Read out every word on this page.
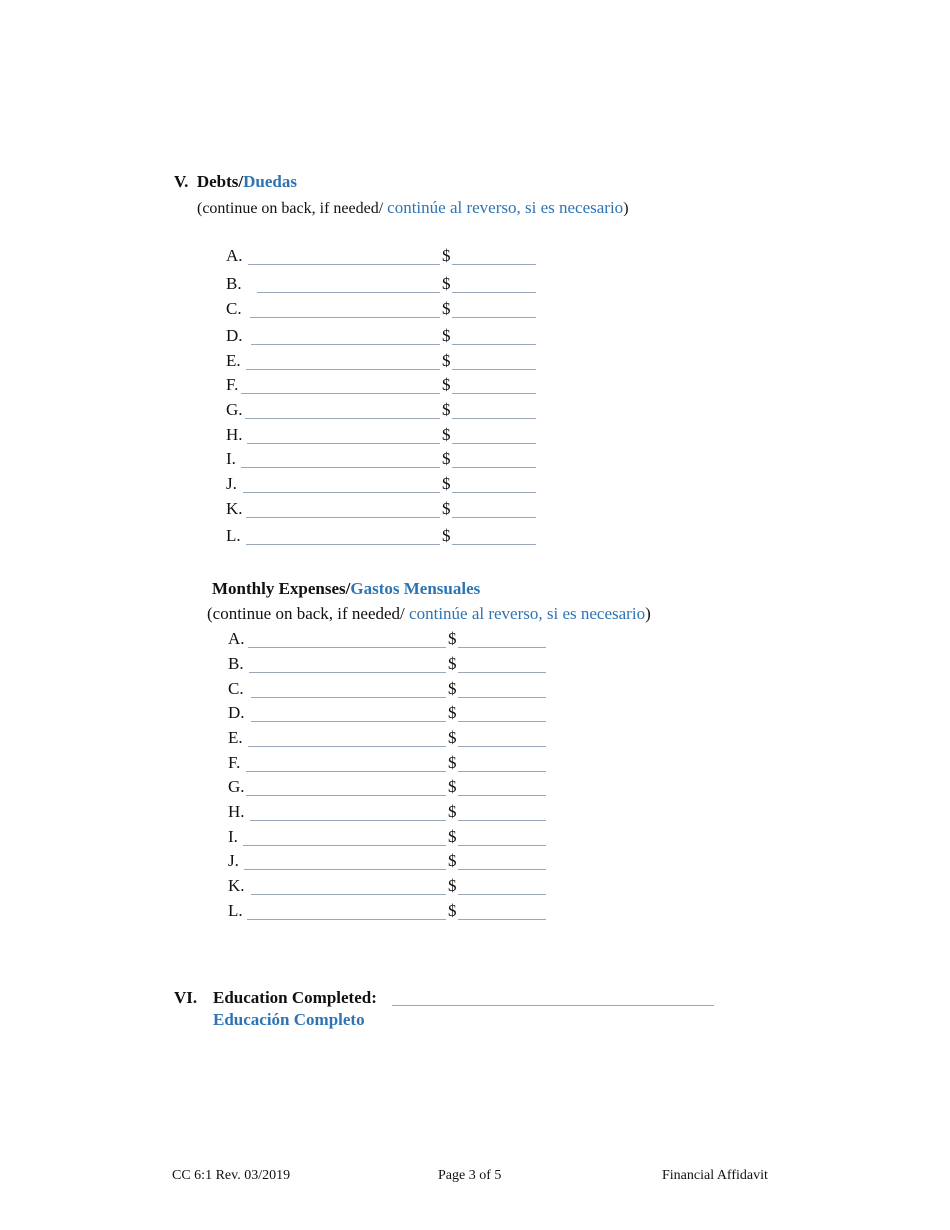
V. Debts/Duedas
(continue on back, if needed/ continúe al reverso, si es necesario)
A.	$
B.	$
C.	$
D.	$
E.	$
F.	$
G.	$
H.	$
I.	$
J.	$
K.	$
L.	$
Monthly Expenses/Gastos Mensuales
(continue on back, if needed/ continúe al reverso, si es necesario)
A.	$
B.	$
C.	$
D.	$
E.	$
F.	$
G.	$
H.	$
I.	$
J.	$
K.	$
L.	$
VI. Education Completed:
Educación Completo
CC 6:1 Rev. 03/2019	Page 3 of 5	Financial Affidavit
